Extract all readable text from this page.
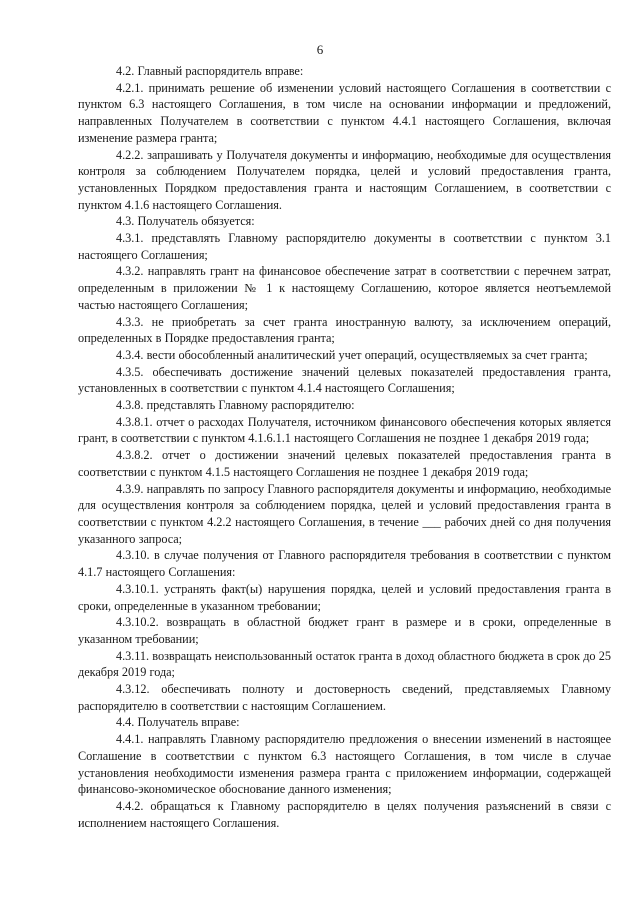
6

4.2. Главный распорядитель вправе:

4.2.1. принимать решение об изменении условий настоящего Соглашения в соответствии с пунктом 6.3 настоящего Соглашения, в том числе на основании информации и предложений, направленных Получателем в соответствии с пунктом 4.4.1 настоящего Соглашения, включая изменение размера гранта;

4.2.2. запрашивать у Получателя документы и информацию, необходимые для осуществления контроля за соблюдением Получателем порядка, целей и условий предоставления гранта, установленных Порядком предоставления гранта и настоящим Соглашением, в соответствии с пунктом 4.1.6 настоящего Соглашения.

4.3. Получатель обязуется:

4.3.1. представлять Главному распорядителю документы в соответствии с пунктом 3.1 настоящего Соглашения;

4.3.2. направлять грант на финансовое обеспечение затрат в соответствии с перечнем затрат, определенным в приложении № 1 к настоящему Соглашению, которое является неотъемлемой частью настоящего Соглашения;

4.3.3. не приобретать за счет гранта иностранную валюту, за исключением операций, определенных в Порядке предоставления гранта;

4.3.4. вести обособленный аналитический учет операций, осуществляемых за счет гранта;

4.3.5. обеспечивать достижение значений целевых показателей предоставления гранта, установленных в соответствии с пунктом 4.1.4 настоящего Соглашения;

4.3.8. представлять Главному распорядителю:

4.3.8.1. отчет о расходах Получателя, источником финансового обеспечения которых является грант, в соответствии с пунктом 4.1.6.1.1 настоящего Соглашения не позднее 1 декабря 2019 года;

4.3.8.2. отчет о достижении значений целевых показателей предоставления гранта в соответствии с пунктом 4.1.5 настоящего Соглашения не позднее 1 декабря 2019 года;

4.3.9. направлять по запросу Главного распорядителя документы и информацию, необходимые для осуществления контроля за соблюдением порядка, целей и условий предоставления гранта в соответствии с пунктом 4.2.2 настоящего Соглашения, в течение ___ рабочих дней со дня получения указанного запроса;

4.3.10. в случае получения от Главного распорядителя требования в соответствии с пунктом 4.1.7 настоящего Соглашения:

4.3.10.1. устранять факт(ы) нарушения порядка, целей и условий предоставления гранта в сроки, определенные в указанном требовании;

4.3.10.2. возвращать в областной бюджет грант в размере и в сроки, определенные в указанном требовании;

4.3.11. возвращать неиспользованный остаток гранта в доход областного бюджета в срок до 25 декабря 2019 года;

4.3.12. обеспечивать полноту и достоверность сведений, представляемых Главному распорядителю в соответствии с настоящим Соглашением.

4.4. Получатель вправе:

4.4.1. направлять Главному распорядителю предложения о внесении изменений в настоящее Соглашение в соответствии с пунктом 6.3 настоящего Соглашения, в том числе в случае установления необходимости изменения размера гранта с приложением информации, содержащей финансово-экономическое обоснование данного изменения;

4.4.2. обращаться к Главному распорядителю в целях получения разъяснений в связи с исполнением настоящего Соглашения.
